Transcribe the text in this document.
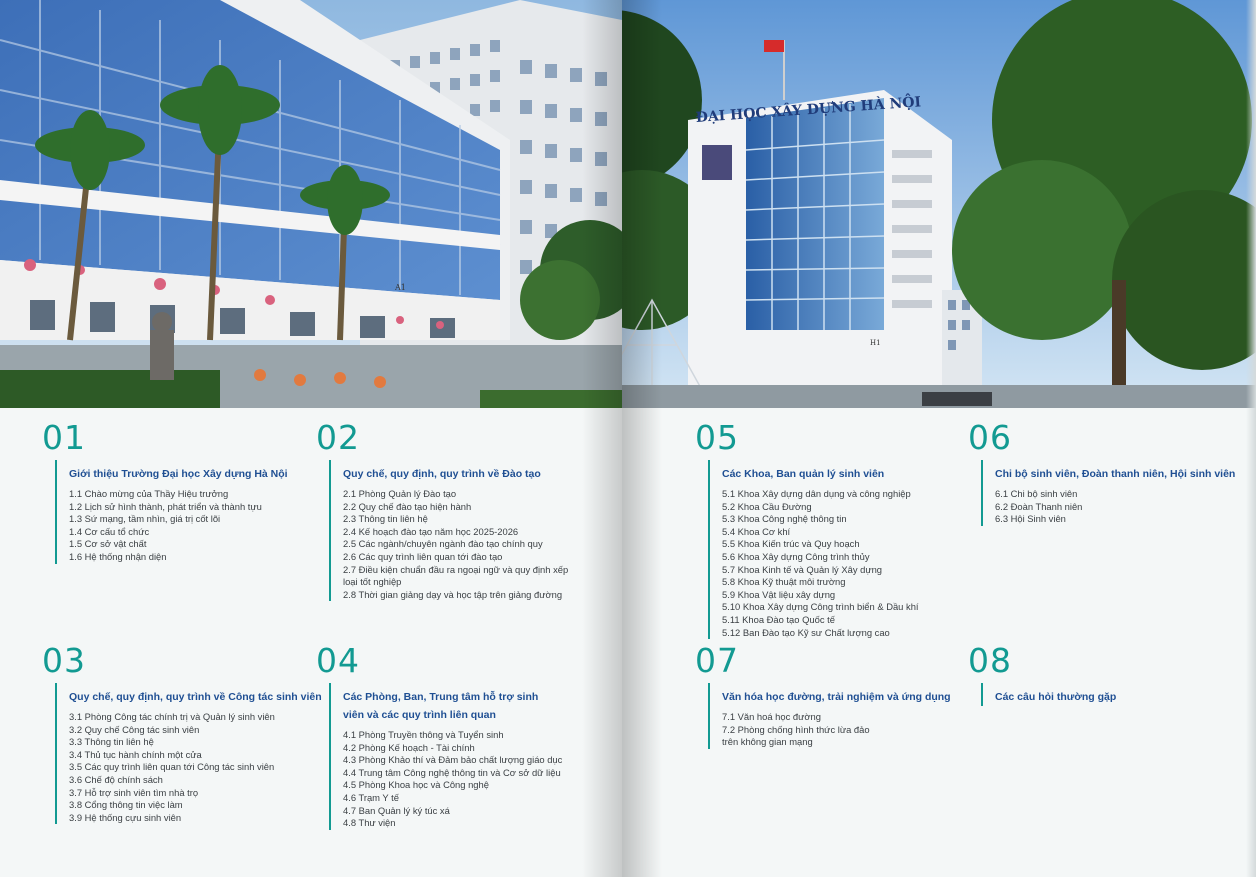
A1
01
Giới thiệu Trường Đại học Xây dựng Hà Nội
1.1 Chào mừng của Thầy Hiệu trưởng
1.2 Lịch sử hình thành, phát triển và thành tựu
1.3 Sứ mạng, tầm nhìn, giá trị cốt lõi
1.4 Cơ cấu tổ chức
1.5 Cơ sở vật chất
1.6 Hệ thống nhận diện
02
Quy chế, quy định, quy trình về Đào tạo
2.1 Phòng Quản lý Đào tạo
2.2 Quy chế đào tạo hiện hành
2.3 Thông tin liên hệ
2.4 Kế hoạch đào tạo năm học 2025-2026
2.5 Các ngành/chuyên ngành đào tạo chính quy
2.6 Các quy trình liên quan tới đào tạo
2.7 Điều kiện chuẩn đầu ra ngoại ngữ và quy định xếp
loại tốt nghiệp
2.8 Thời gian giảng dạy và học tập trên giảng đường
03
Quy chế, quy định, quy trình về Công tác sinh viên
3.1 Phòng Công tác chính trị và Quản lý sinh viên
3.2 Quy chế Công tác sinh viên
3.3 Thông tin liên hệ
3.4 Thủ tục hành chính một cửa
3.5 Các quy trình liên quan tới Công tác sinh viên
3.6 Chế độ chính sách
3.7 Hỗ trợ sinh viên tìm nhà trọ
3.8 Cổng thông tin việc làm
3.9 Hệ thống cựu sinh viên
04
Các Phòng, Ban, Trung tâm hỗ trợ sinh
viên và các quy trình liên quan
4.1 Phòng Truyền thông và Tuyển sinh
4.2 Phòng Kế hoạch - Tài chính
4.3 Phòng Khảo thí và Đảm bảo chất lượng giáo dục
4.4 Trung tâm Công nghệ thông tin và Cơ sở dữ liệu
4.5 Phòng Khoa học và Công nghệ
4.6 Trạm Y tế
4.7 Ban Quản lý ký túc xá
4.8 Thư viện
ĐẠI HỌC XÂY DỰNG HÀ NỘI
H1
05
Các Khoa, Ban quản lý sinh viên
5.1 Khoa Xây dựng dân dụng và công nghiệp
5.2 Khoa Cầu Đường
5.3 Khoa Công nghệ thông tin
5.4 Khoa Cơ khí
5.5 Khoa Kiến trúc và Quy hoạch
5.6 Khoa Xây dựng Công trình thủy
5.7 Khoa Kinh tế và Quản lý Xây dựng
5.8 Khoa Kỹ thuật môi trường
5.9 Khoa Vật liệu xây dựng
5.10 Khoa Xây dựng Công trình biển & Dầu khí
5.11 Khoa Đào tạo Quốc tế
5.12 Ban Đào tạo Kỹ sư Chất lượng cao
06
Chi bộ sinh viên, Đoàn thanh niên, Hội sinh viên
6.1 Chi bộ sinh viên
6.2 Đoàn Thanh niên
6.3 Hội Sinh viên
07
Văn hóa học đường, trải nghiệm và ứng dụng
7.1 Văn hoá học đường
7.2 Phòng chống hình thức lừa đảo
trên không gian mạng
08
Các câu hỏi thường gặp
